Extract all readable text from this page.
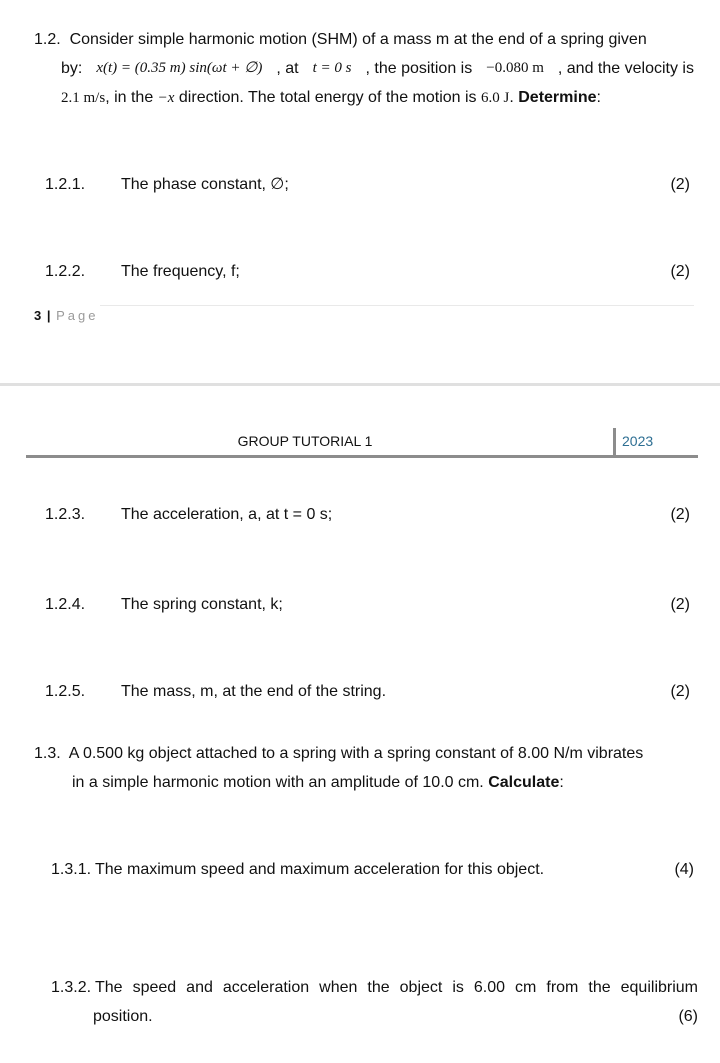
1.2. Consider simple harmonic motion (SHM) of a mass m at the end of a spring given
by: x(t) = (0.35 m) sin(ωt + ∅) , at t = 0 s , the position is −0.080 m , and the velocity is
2.1 m/s, in the −x direction. The total energy of the motion is 6.0 J. Determine:
1.2.1. The phase constant, ∅;	(2)
1.2.2. The frequency, f;	(2)
3 | Page
GROUP TUTORIAL 1	2023
1.2.3. The acceleration, a, at t = 0 s;	(2)
1.2.4. The spring constant, k;	(2)
1.2.5. The mass, m, at the end of the string.	(2)
1.3. A 0.500 kg object attached to a spring with a spring constant of 8.00 N/m vibrates
in a simple harmonic motion with an amplitude of 10.0 cm. Calculate:
1.3.1. The maximum speed and maximum acceleration for this object.	(4)
1.3.2. The speed and acceleration when the object is 6.00 cm from the equilibrium
position.	(6)
